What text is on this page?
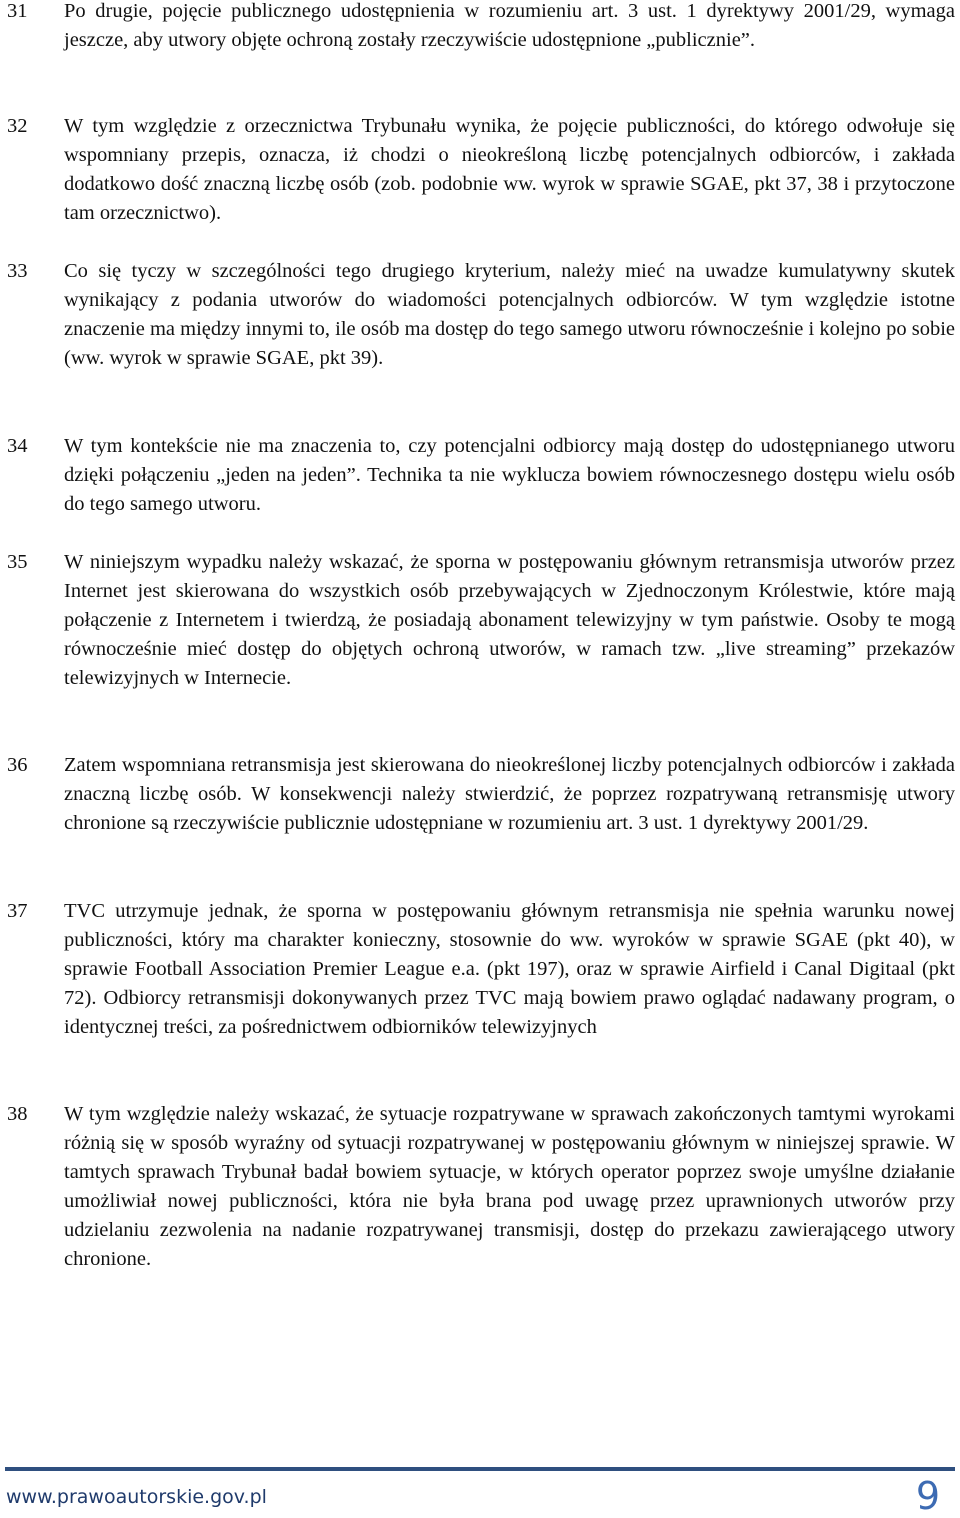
31	Po drugie, pojęcie publicznego udostępnienia w rozumieniu art. 3 ust. 1 dyrektywy 2001/29, wymaga jeszcze, aby utwory objęte ochroną zostały rzeczywiście udostępnione „publicznie”.
32	W tym względzie z orzecznictwa Trybunału wynika, że pojęcie publiczności, do którego odwołuje się wspomniany przepis, oznacza, iż chodzi o nieokreśloną liczbę potencjalnych odbiorców, i zakłada dodatkowo dość znaczną liczbę osób (zob. podobnie ww. wyrok w sprawie SGAE, pkt 37, 38 i przytoczone tam orzecznictwo).
33	Co się tyczy w szczególności tego drugiego kryterium, należy mieć na uwadze kumulatywny skutek wynikający z podania utworów do wiadomości potencjalnych odbiorców. W tym względzie istotne znaczenie ma między innymi to, ile osób ma dostęp do tego samego utworu równocześnie i kolejno po sobie (ww. wyrok w sprawie SGAE, pkt 39).
34	W tym kontekście nie ma znaczenia to, czy potencjalni odbiorcy mają dostęp do udostępnianego utworu dzięki połączeniu „jeden na jeden”. Technika ta nie wyklucza bowiem równoczesnego dostępu wielu osób do tego samego utworu.
35	W niniejszym wypadku należy wskazać, że sporna w postępowaniu głównym retransmisja utworów przez Internet jest skierowana do wszystkich osób przebywających w Zjednoczonym Królestwie, które mają połączenie z Internetem i twierdzą, że posiadają abonament telewizyjny w tym państwie. Osoby te mogą równocześnie mieć dostęp do objętych ochroną utworów, w ramach tzw. „live streaming” przekazów telewizyjnych w Internecie.
36	Zatem wspomniana retransmisja jest skierowana do nieokreślonej liczby potencjalnych odbiorców i zakłada znaczną liczbę osób. W konsekwencji należy stwierdzić, że poprzez rozpatrywaną retransmisję utwory chronione są rzeczywiście publicznie udostępniane w rozumieniu art. 3 ust. 1 dyrektywy 2001/29.
37	TVC utrzymuje jednak, że sporna w postępowaniu głównym retransmisja nie spełnia warunku nowej publiczności, który ma charakter konieczny, stosownie do ww. wyroków w sprawie SGAE (pkt 40), w sprawie Football Association Premier League e.a. (pkt 197), oraz w sprawie Airfield i Canal Digitaal (pkt 72). Odbiorcy retransmisji dokonywanych przez TVC mają bowiem prawo oglądać nadawany program, o identycznej treści, za pośrednictwem odbiorników telewizyjnych
38	W tym względzie należy wskazać, że sytuacje rozpatrywane w sprawach zakończonych tamtymi wyrokami różnią się w sposób wyraźny od sytuacji rozpatrywanej w postępowaniu głównym w niniejszej sprawie. W tamtych sprawach Trybunał badał bowiem sytuacje, w których operator poprzez swoje umyślne działanie umożliwiał nowej publiczności, która nie była brana pod uwagę przez uprawnionych utworów przy udzielaniu zezwolenia na nadanie rozpatrywanej transmisji, dostęp do przekazu zawierającego utwory chronione.
www.prawoautorskie.gov.pl	9
